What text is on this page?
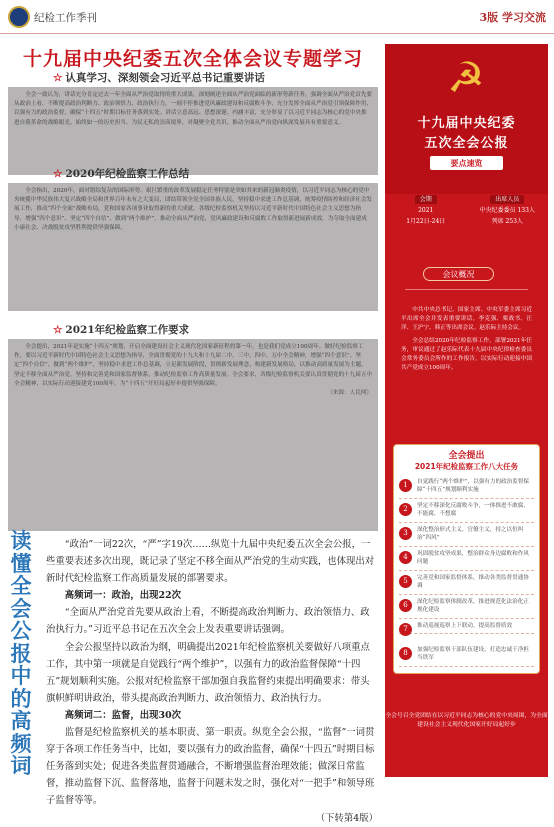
纪检工作季刊	3版 学习交流
十九届中央纪委五次全体会议专题学习
☆ 认真学习、深刻领会习近平总书记重要讲话

全会一致认为，讲话充分肯定过去一年全面从严治党取得的重大成果，深刻阐述全面从严治党面临的新形势新任务，强调全面从严治党首先要从政治上看，不断提高政治判断力、政治领悟力、政治执行力，一刻不停推进党风廉政建设和反腐败斗争，充分发挥全面从严治党引领保障作用，以强有力的政治监督，确保“十四五”时期目标任务落到实处。讲话立意高远、思想深邃、内涵丰富，充分彰显了以习近平同志为核心的党中央推进自我革命的战略眼光、始终如一的历史担当、为民无私的崇高境界，对凝聚全党共识、推动全面从严治党向纵深发展具有重要意义。

☆ 2020年纪检监察工作总结

全会指出，2020年，面对错综复杂的国际形势、艰巨繁重的改革发展稳定任务特别是突如其来的新冠肺炎疫情，以习近平同志为核心的党中央统揽中华民族伟大复兴战略全局和世界百年未有之大变局，团结带领全党全国各族人民，坚持稳中求进工作总基调，统筹疫情防控和经济社会发展工作，推动“四个全面”战略布局，党和国家各项事业取得新的重大成就。各级纪检监察机关坚持以习近平新时代中国特色社会主义思想为指导，增强“四个意识”、坚定“四个自信”、做到“两个维护”，推动全面从严治党、党风廉政建设和反腐败工作取得新进展新成效，为夺取全面建成小康社会、决战脱贫攻坚胜利提供坚强保障。

☆ 2021年纪检监察工作要求

全会提出，2021年是实施“十四五”规划，开启全面建设社会主义现代化国家新征程的第一年，也是我们党成立100周年。做好纪检监察工作，要以习近平新时代中国特色社会主义思想为指导，全面贯彻党的十九大和十九届二中、三中、四中、五中全会精神，增强“四个意识”、坚定“四个自信”、做到“两个维护”，坚持稳中求进工作总基调，立足新发展阶段，贯彻新发展理念，构建新发展格局，以推动高质量发展为主题，坚定不移全面从严治党，坚持和完善党和国家监督体系，推动纪检监察工作高质量发展。全会要求，各级纪检监察机关要认真贯彻党的十九届五中全会精神，以实际行动迎接建党100周年，为“十四五”开好局起好步提供坚强保障。

（来源：人民网）
读懂全会公报中的高频词

“政治”一词22次，“严”字19次……纵览十九届中央纪委五次全会公报，一些重要表述多次出现，既记录了坚定不移全面从严治党的生动实践，也体现出对新时代纪检监察工作高质量发展的部署要求。

高频词一：政治，出现22次

“全面从严治党首先要从政治上看，不断提高政治判断力、政治领悟力、政治执行力。”习近平总书记在五次全会上发表重要讲话强调。

全会公报坚持以政治为纲，明确提出2021年纪检监察机关要做好八项重点工作，其中第一项就是自觉践行“两个维护”，以强有力的政治监督保障“十四五”规划顺利实施。公报对纪检监察干部加强自我监督约束提出明确要求：带头旗帜鲜明讲政治，带头提高政治判断力、政治领悟力、政治执行力。

高频词二：监督，出现30次

监督是纪检监察机关的基本职责、第一职责。纵览全会公报，“监督”一词贯穿于各项工作任务当中，比如，要以强有力的政治监督，确保“十四五”时期目标任务落到实处；促进各类监督贯通融合，不断增强监督治理效能；做深日常监督，推动监督下沉、监督落地，监督于问题未发之时，强化对“一把手”和领导班子监督等等。

（下转第4版）

☭
十九届中央纪委
五次全会公报
要点速览
会期	出席人员
2021	中央纪委委员 133人
1月22日-24日	列席 253人
会议概况

中共中央总书记、国家主席、中央军委主席习近平出席全会并发表重要讲话。李克强、栗战书、汪洋、王沪宁、韩正等出席会议。赵乐际主持会议。

全会总结2020年纪检监察工作，部署2021年任务，审议通过了赵乐际代表十九届中央纪律检查委员会常务委员会所作的工作报告，以实际行动迎接中国共产党成立100周年。

全会提出
2021年纪检监察工作八大任务
1	自觉践行“两个维护”，以强有力的政治监督保障“十四五”规划顺利实施
2	坚定不移深化反腐败斗争，一体推进不敢腐、不能腐、不想腐
3	深化整治形式主义、官僚主义，持之以恒纠治“四风”
4	巩固脱贫攻坚成果，整治群众身边腐败和作风问题
5	完善党和国家监督体系，推动各类监督贯通协调
6	深化纪检监察体制改革，推进规范化法治化正规化建设
7	推动巡视巡察上下联动，提高监督质效
8	加强纪检监察干部队伍建设，打造忠诚干净担当铁军
全会号召全党团结在以习近平同志为核心的党中央周围，为全面建设社会主义现代化国家开好局起好步
